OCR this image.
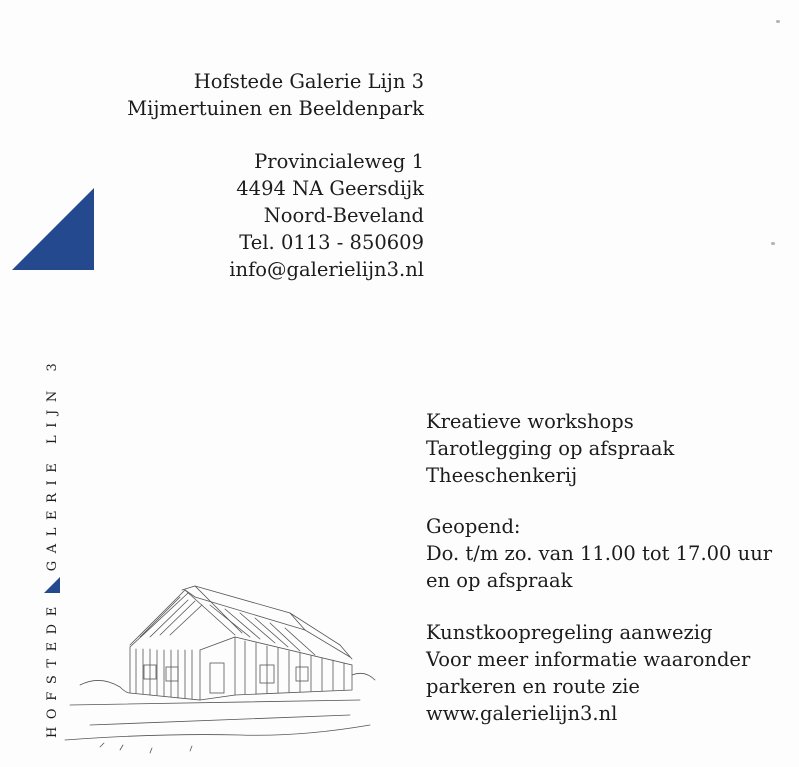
Hofstede Galerie Lijn 3
Mijmertuinen en Beeldenpark
Provincialeweg 1
4494 NA Geersdijk
Noord-Beveland
Tel. 0113 - 850609
info@galerielijn3.nl
HOFSTEDE
GALERIE LIJN 3	Kreatieve workshops
Tarotlegging op afspraak
Theeschenkerij
Geopend:
Do. t/m zo. van 11.00 tot 17.00 uur
en op afspraak
Kunstkoopregeling aanwezig
Voor meer informatie waaronder
parkeren en route zie
www.galerielijn3.nl
